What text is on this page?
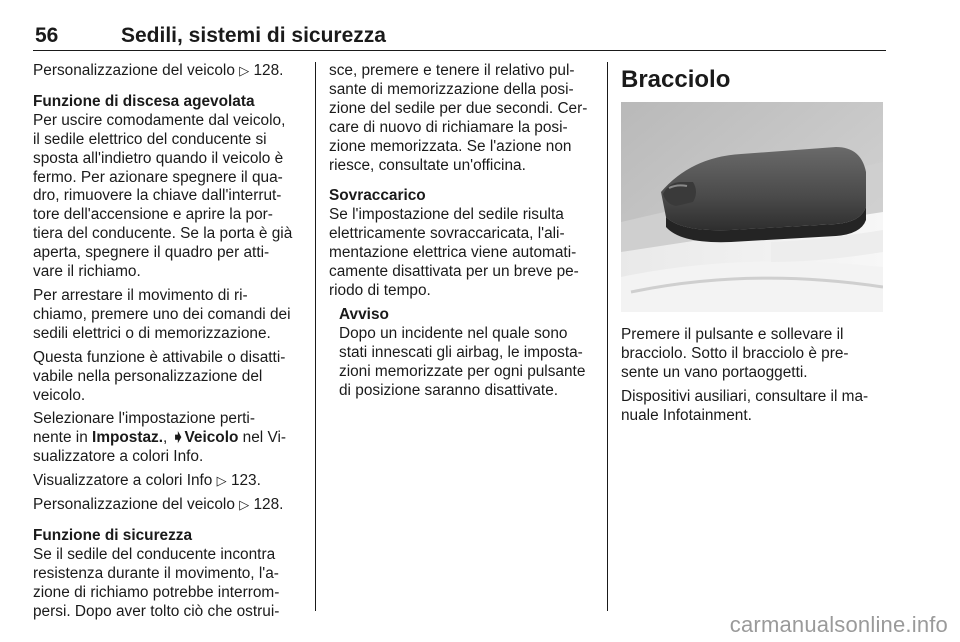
56	Sedili, sistemi di sicurezza

Personalizzazione del veicolo ▷ 128.

Funzione di discesa agevolata

Per uscire comodamente dal veicolo,
il sedile elettrico del conducente si
sposta all'indietro quando il veicolo è
fermo. Per azionare spegnere il qua-
dro, rimuovere la chiave dall'interrut-
tore dell'accensione e aprire la por-
tiera del conducente. Se la porta è già
aperta, spegnere il quadro per atti-
vare il richiamo.

Per arrestare il movimento di ri-
chiamo, premere uno dei comandi dei
sedili elettrici o di memorizzazione.

Questa funzione è attivabile o disatti-
vabile nella personalizzazione del
veicolo.

Selezionare l'impostazione perti-
nente in Impostaz., ➧Veicolo nel Vi-
sualizzatore a colori Info.

Visualizzatore a colori Info ▷ 123.

Personalizzazione del veicolo ▷ 128.

Funzione di sicurezza

Se il sedile del conducente incontra
resistenza durante il movimento, l'a-
zione di richiamo potrebbe interrom-
persi. Dopo aver tolto ciò che ostrui-

sce, premere e tenere il relativo pul-
sante di memorizzazione della posi-
zione del sedile per due secondi. Cer-
care di nuovo di richiamare la posi-
zione memorizzata. Se l'azione non
riesce, consultate un'officina.

Sovraccarico

Se l'impostazione del sedile risulta
elettricamente sovraccaricata, l'ali-
mentazione elettrica viene automati-
camente disattivata per un breve pe-
riodo di tempo.

Avviso
Dopo un incidente nel quale sono
stati innescati gli airbag, le imposta-
zioni memorizzate per ogni pulsante
di posizione saranno disattivate.
Bracciolo

Premere il pulsante e sollevare il
bracciolo. Sotto il bracciolo è pre-
sente un vano portaoggetti.

Dispositivi ausiliari, consultare il ma-
nuale Infotainment.

carmanualsonline.info
